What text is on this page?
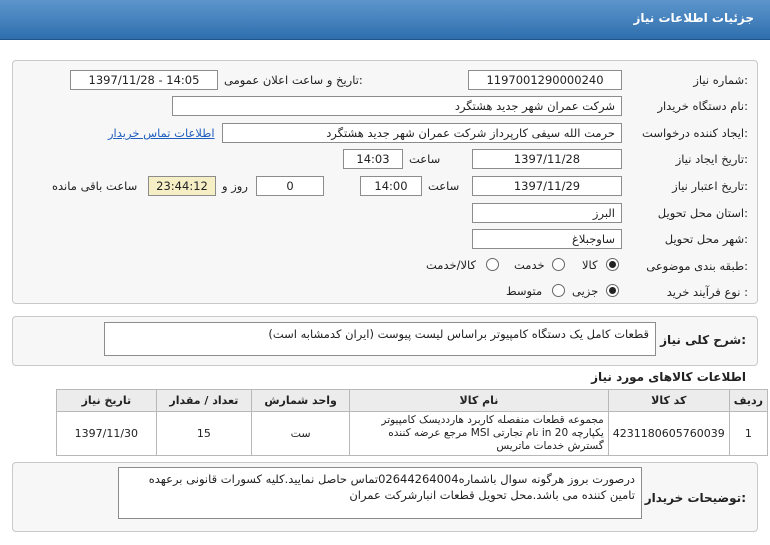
جزئیات اطلاعات نیاز
شماره نیاز:
1197001290000240
تاریخ و ساعت اعلان عمومی:
1397/11/28 - 14:05
نام دستگاه خریدار:
شرکت عمران شهر جدید هشتگرد
ایجاد کننده درخواست:
حرمت الله سیفی کارپرداز شرکت عمران شهر جدید هشتگرد
اطلاعات تماس خریدار
تاریخ ایجاد نیاز:
1397/11/28
ساعت
14:03
تاریخ اعتبار نیاز:
1397/11/29
ساعت
14:00
0
روز و
23:44:12
ساعت باقی مانده
استان محل تحویل:
البرز
شهر محل تحویل:
ساوجبلاغ
طبقه بندی موضوعی:
کالا
خدمت
کالا/خدمت
نوع فرآیند خرید :
جزیی
متوسط
شرح کلی نیاز:
قطعات کامل یک دستگاه کامپیوتر براساس لیست پیوست (ایران کدمشابه است)
اطلاعات کالاهای مورد نیاز
ردیف	کد کالا	نام کالا	واحد شمارش	تعداد / مقدار	تاریخ نیاز
1	4231180605760039	مجموعه قطعات منفصله کاربرد هارددیسک کامپیوتر یکپارچه 20 in نام تجارتی MSI مرجع عرضه کننده گسترش خدمات ماتریس	ست	15	1397/11/30
توضیحات خریدار:
درصورت بروز هرگونه سوال باشماره02644264004تماس حاصل نمایید.کلیه کسورات قانونی برعهده تامین کننده می باشد.محل تحویل قطعات انبارشرکت عمران
